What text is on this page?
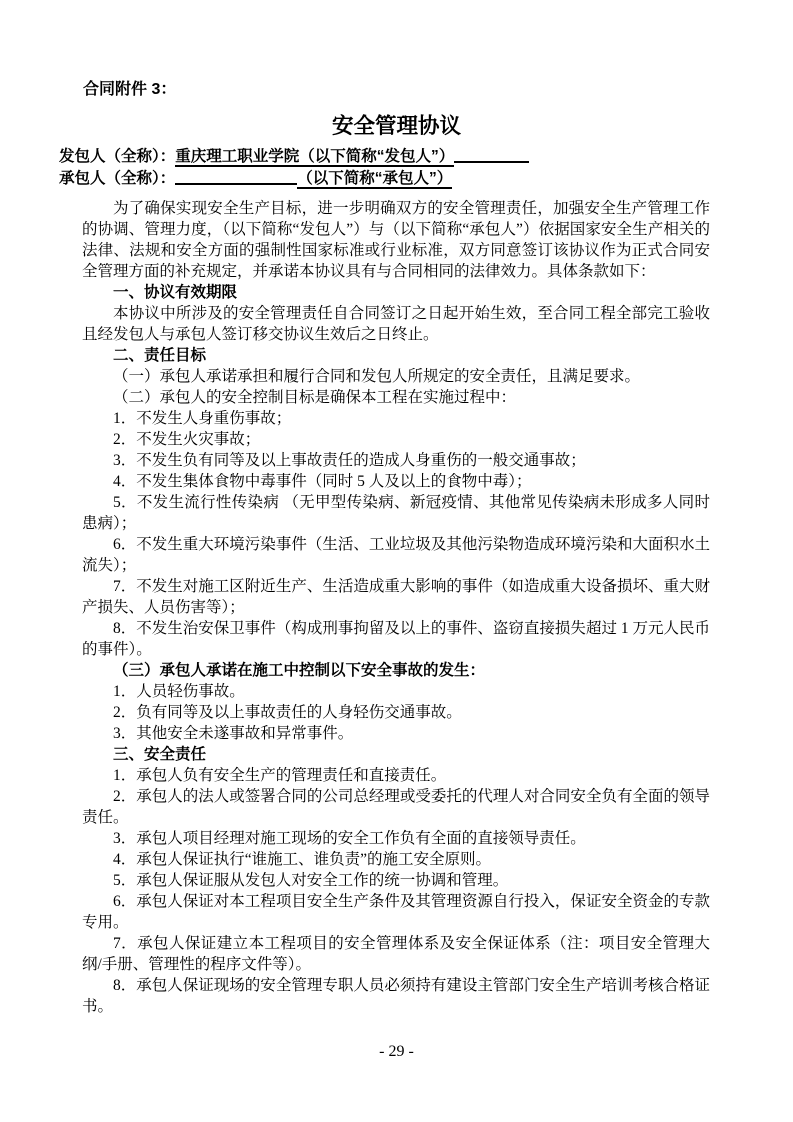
合同附件 3：
安全管理协议
发包人（全称）：重庆理工职业学院（以下简称“发包人”）
承包人（全称）：	（以下简称“承包人”）

为了确保实现安全生产目标，进一步明确双方的安全管理责任，加强安全生产管理工作的协调、管理力度，（以下简称“发包人”）与（以下简称“承包人”）依据国家安全生产相关的法律、法规和安全方面的强制性国家标准或行业标准，双方同意签订该协议作为正式合同安全管理方面的补充规定，并承诺本协议具有与合同相同的法律效力。具体条款如下：

一、协议有效期限

本协议中所涉及的安全管理责任自合同签订之日起开始生效，至合同工程全部完工验收且经发包人与承包人签订移交协议生效后之日终止。

二、责任目标

（一）承包人承诺承担和履行合同和发包人所规定的安全责任，且满足要求。

（二）承包人的安全控制目标是确保本工程在实施过程中：

1．不发生人身重伤事故；

2．不发生火灾事故；

3．不发生负有同等及以上事故责任的造成人身重伤的一般交通事故；

4．不发生集体食物中毒事件（同时 5 人及以上的食物中毒）；

5．不发生流行性传染病 （无甲型传染病、新冠疫情、其他常见传染病未形成多人同时患病）；

6．不发生重大环境污染事件（生活、工业垃圾及其他污染物造成环境污染和大面积水土流失）；

7．不发生对施工区附近生产、生活造成重大影响的事件（如造成重大设备损坏、重大财产损失、人员伤害等）；

8．不发生治安保卫事件（构成刑事拘留及以上的事件、盗窃直接损失超过 1 万元人民币的事件）。

（三）承包人承诺在施工中控制以下安全事故的发生：

1．人员轻伤事故。

2．负有同等及以上事故责任的人身轻伤交通事故。

3．其他安全未遂事故和异常事件。

三、安全责任

1．承包人负有安全生产的管理责任和直接责任。

2．承包人的法人或签署合同的公司总经理或受委托的代理人对合同安全负有全面的领导责任。

3．承包人项目经理对施工现场的安全工作负有全面的直接领导责任。

4．承包人保证执行“谁施工、谁负责”的施工安全原则。

5．承包人保证服从发包人对安全工作的统一协调和管理。

6．承包人保证对本工程项目安全生产条件及其管理资源自行投入，保证安全资金的专款专用。

7．承包人保证建立本工程项目的安全管理体系及安全保证体系（注：项目安全管理大纲/手册、管理性的程序文件等）。

8．承包人保证现场的安全管理专职人员必须持有建设主管部门安全生产培训考核合格证书。

- 29 -
